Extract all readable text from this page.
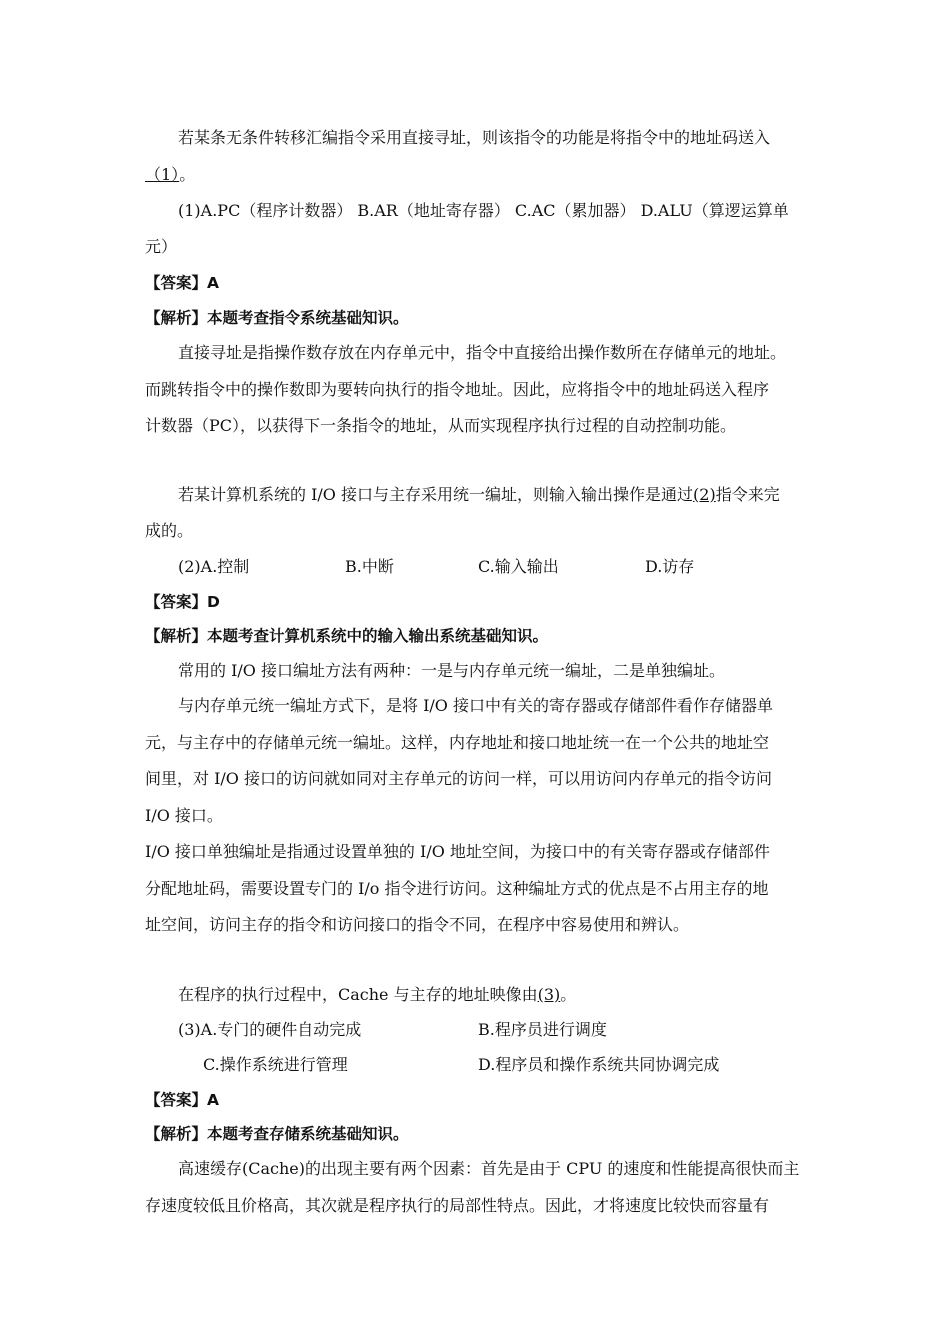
若某条无条件转移汇编指令采用直接寻址，则该指令的功能是将指令中的地址码送入
（1）。
(1)A.PC（程序计数器） B.AR（地址寄存器） C.AC（累加器） D.ALU（算逻运算单
元）
【答案】A
【解析】本题考查指令系统基础知识。
直接寻址是指操作数存放在内存单元中，指令中直接给出操作数所在存储单元的地址。
而跳转指令中的操作数即为要转向执行的指令地址。因此，应将指令中的地址码送入程序
计数器（PC），以获得下一条指令的地址，从而实现程序执行过程的自动控制功能。
若某计算机系统的 I/O 接口与主存采用统一编址，则输入输出操作是通过(2)指令来完
成的。
(2)A.控制	B.中断	C.输入输出	D.访存
【答案】D
【解析】本题考查计算机系统中的输入输出系统基础知识。
常用的 I/O 接口编址方法有两种：一是与内存单元统一编址，二是单独编址。
与内存单元统一编址方式下，是将 I/O 接口中有关的寄存器或存储部件看作存储器单
元，与主存中的存储单元统一编址。这样，内存地址和接口地址统一在一个公共的地址空
间里，对 I/O 接口的访问就如同对主存单元的访问一样，可以用访问内存单元的指令访问
I/O 接口。
I/O 接口单独编址是指通过设置单独的 I/O 地址空间，为接口中的有关寄存器或存储部件
分配地址码，需要设置专门的 I/o 指令进行访问。这种编址方式的优点是不占用主存的地
址空间，访问主存的指令和访问接口的指令不同，在程序中容易使用和辨认。
在程序的执行过程中，Cache 与主存的地址映像由(3)。
(3)A.专门的硬件自动完成	B.程序员进行调度
C.操作系统进行管理	D.程序员和操作系统共同协调完成
【答案】A
【解析】本题考查存储系统基础知识。
高速缓存(Cache)的出现主要有两个因素：首先是由于 CPU 的速度和性能提高很快而主
存速度较低且价格高，其次就是程序执行的局部性特点。因此，才将速度比较快而容量有
